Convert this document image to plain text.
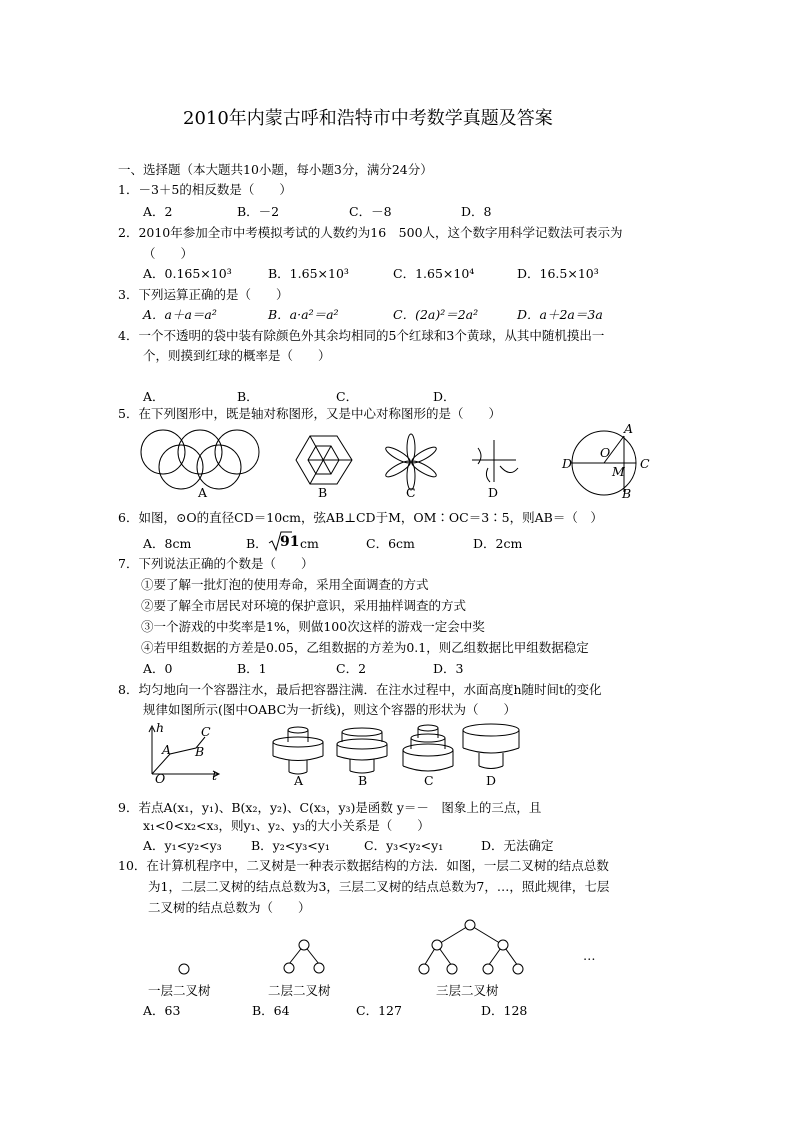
2010年内蒙古呼和浩特市中考数学真题及答案
一、选择题（本大题共10小题，每小题3分，满分24分）
1．－3＋5的相反数是（　　）
A．2	B．－2	C．－8	D．8
2．2010年参加全市中考模拟考试的人数约为16　500人，这个数字用科学记数法可表示为
（　　）
A．0.165×10³	B．1.65×10³	C．1.65×10⁴	D．16.5×10³
3．下列运算正确的是（　　）
A．a＋a＝a²	B．a·a²＝a²	C．(2a)²＝2a²	D．a＋2a＝3a
4．一个不透明的袋中装有除颜色外其余均相同的5个红球和3个黄球，从其中随机摸出一
个，则摸到红球的概率是（　　）
A．	B．	C．	D．
5．在下列图形中，既是轴对称图形，又是中心对称图形的是（　　）
A
O
C
D
M
B
A	B	C	D
6．如图，⊙O的直径CD＝10cm，弦AB⊥CD于M，OM∶OC＝3∶5，则AB＝（　）
A．8cm	B． 91 cm	C．6cm	D．2cm
7．下列说法正确的个数是（　　）
①要了解一批灯泡的使用寿命，采用全面调查的方式
②要了解全市居民对环境的保护意识，采用抽样调查的方式
③一个游戏的中奖率是1%，则做100次这样的游戏一定会中奖
④若甲组数据的方差是0.05，乙组数据的方差为0.1，则乙组数据比甲组数据稳定
A．0	B．1	C．2	D．3
8．均匀地向一个容器注水，最后把容器注满．在注水过程中，水面高度h随时间t的变化
规律如图所示(图中OABC为一折线)，则这个容器的形状为（　　）
h
t
O
A B
C
A	B	C	D
9．若点A(x₁，y₁)、B(x₂，y₂)、C(x₃，y₃)是函数 y＝－　图象上的三点，且
x₁<0<x₂<x₃，则y₁、y₂、y₃的大小关系是（　　）
A．y₁<y₂<y₃ B．y₂<y₃<y₁	C．y₃<y₂<y₁	D．无法确定
10．在计算机程序中，二叉树是一种表示数据结构的方法．如图，一层二叉树的结点总数
为1，二层二叉树的结点总数为3，三层二叉树的结点总数为7，…，照此规律，七层
二叉树的结点总数为（　　）
…
一层二叉树	二层二叉树	三层二叉树
A．63	B．64	C．127	D．128
